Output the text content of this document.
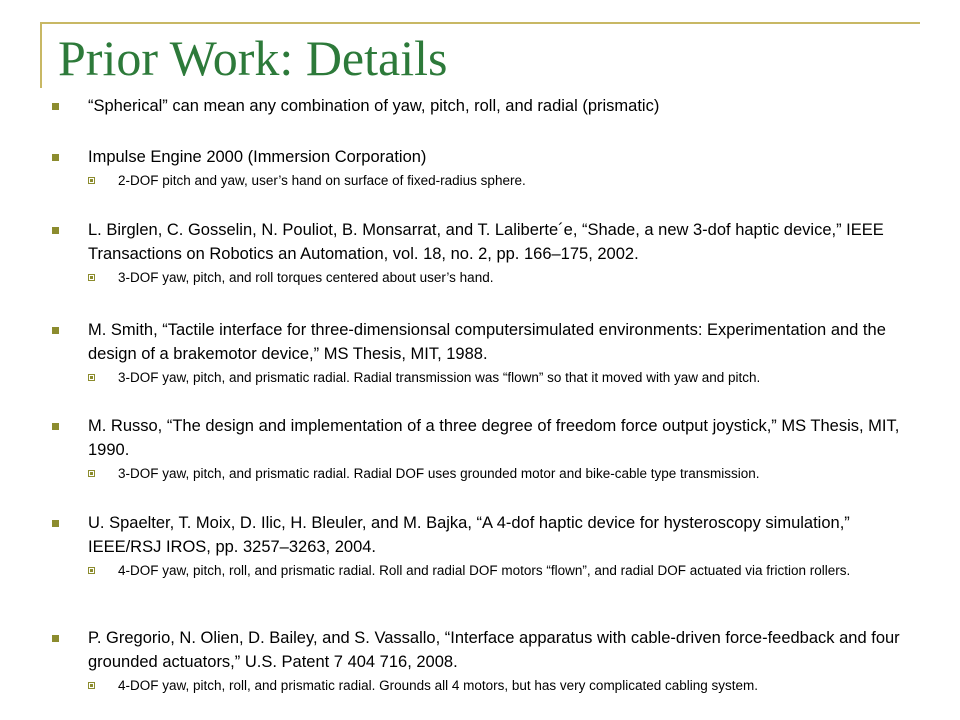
Prior Work: Details
“Spherical” can mean any combination of yaw, pitch, roll, and radial (prismatic)
Impulse Engine 2000 (Immersion Corporation)
2-DOF pitch and yaw, user’s hand on surface of fixed-radius sphere.
L. Birglen, C. Gosselin, N. Pouliot, B. Monsarrat, and T. Laliberte´e, “Shade, a new 3-dof haptic device,” IEEE Transactions on Robotics an Automation, vol. 18, no. 2, pp. 166–175, 2002.
3-DOF yaw, pitch, and roll torques centered about user’s hand.
M. Smith, “Tactile interface for three-dimensionsal computersimulated environments: Experimentation and the design of a brakemotor device,” MS Thesis, MIT, 1988.
3-DOF yaw, pitch, and prismatic radial. Radial transmission was “flown” so that it moved with yaw and pitch.
M. Russo, “The design and implementation of a three degree of freedom force output joystick,” MS Thesis, MIT, 1990.
3-DOF yaw, pitch, and prismatic radial. Radial DOF uses grounded motor and bike-cable type transmission.
U. Spaelter, T. Moix, D. Ilic, H. Bleuler, and M. Bajka, “A 4-dof haptic device for hysteroscopy simulation,” IEEE/RSJ IROS, pp. 3257–3263, 2004.
4-DOF yaw, pitch, roll, and prismatic radial. Roll and radial DOF motors “flown”, and radial DOF actuated via friction rollers.
P. Gregorio, N. Olien, D. Bailey, and S. Vassallo, “Interface apparatus with cable-driven force-feedback and four grounded actuators,” U.S. Patent 7 404 716, 2008.
4-DOF yaw, pitch, roll, and prismatic radial. Grounds all 4 motors, but has very complicated cabling system.
